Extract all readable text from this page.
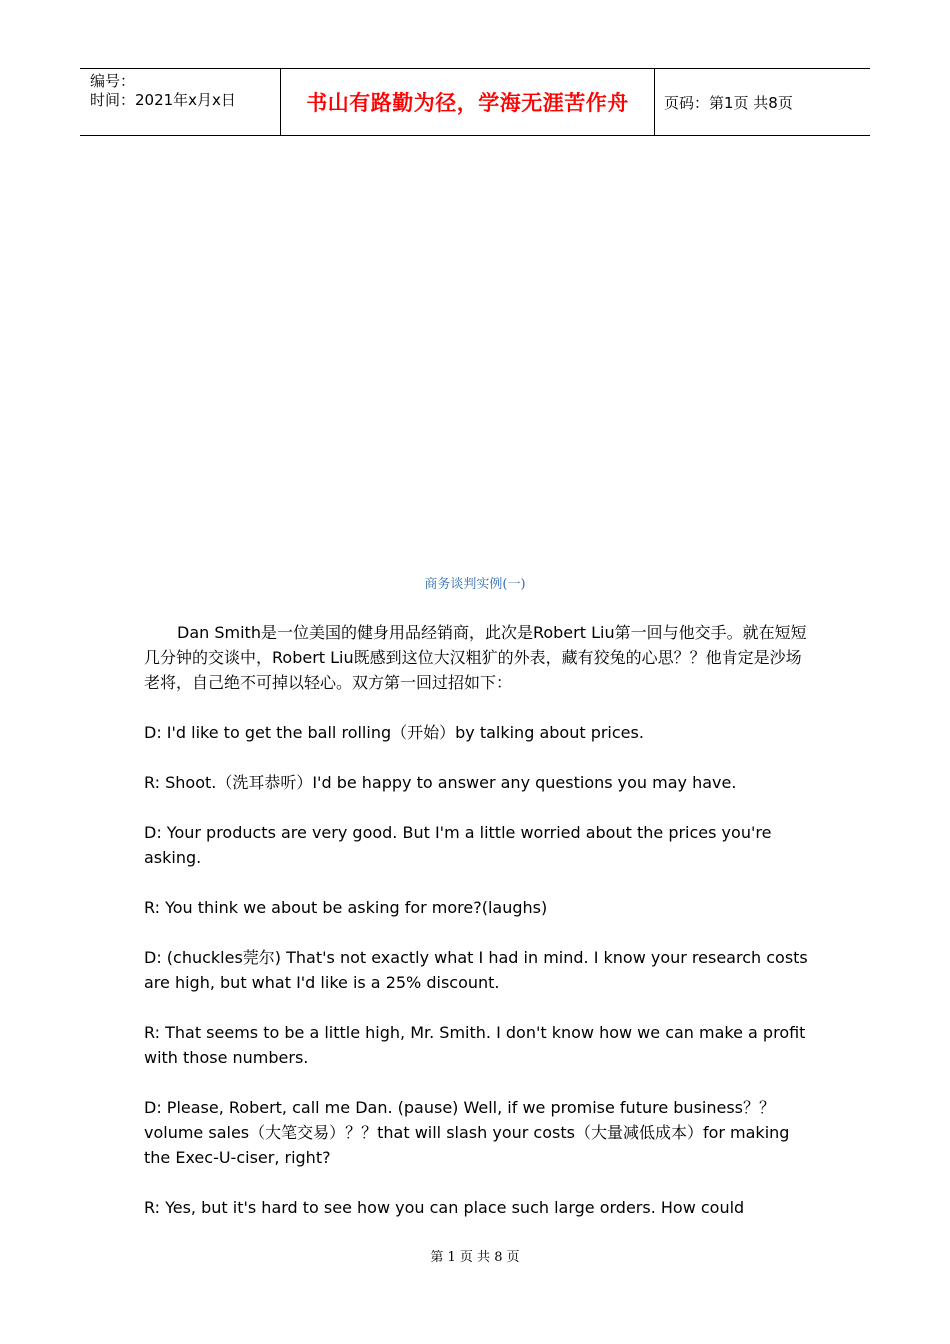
编号：
时间：2021年x月x日	书山有路勤为径，学海无涯苦作舟 页码：第1页 共8页
商务谈判实例(一)

Dan Smith是一位美国的健身用品经销商，此次是Robert Liu第一回与他交手。就在短短几分钟的交谈中，Robert Liu既感到这位大汉粗犷的外表，藏有狡兔的心思？？他肯定是沙场老将，自己绝不可掉以轻心。双方第一回过招如下：

D: I'd like to get the ball rolling（开始）by talking about prices.

R: Shoot.（洗耳恭听）I'd be happy to answer any questions you may have.

D: Your products are very good. But I'm a little worried about the prices you're asking.

R: You think we about be asking for more?(laughs)

D: (chuckles莞尔) That's not exactly what I had in mind. I know your research costs are high, but what I'd like is a 25% discount.

R: That seems to be a little high, Mr. Smith. I don't know how we can make a profit with those numbers.

D: Please, Robert, call me Dan. (pause) Well, if we promise future business？？volume sales（大笔交易）？？that will slash your costs（大量减低成本）for making the Exec-U-ciser, right?

R: Yes, but it's hard to see how you can place such large orders. How could

第 1 页 共 8 页
